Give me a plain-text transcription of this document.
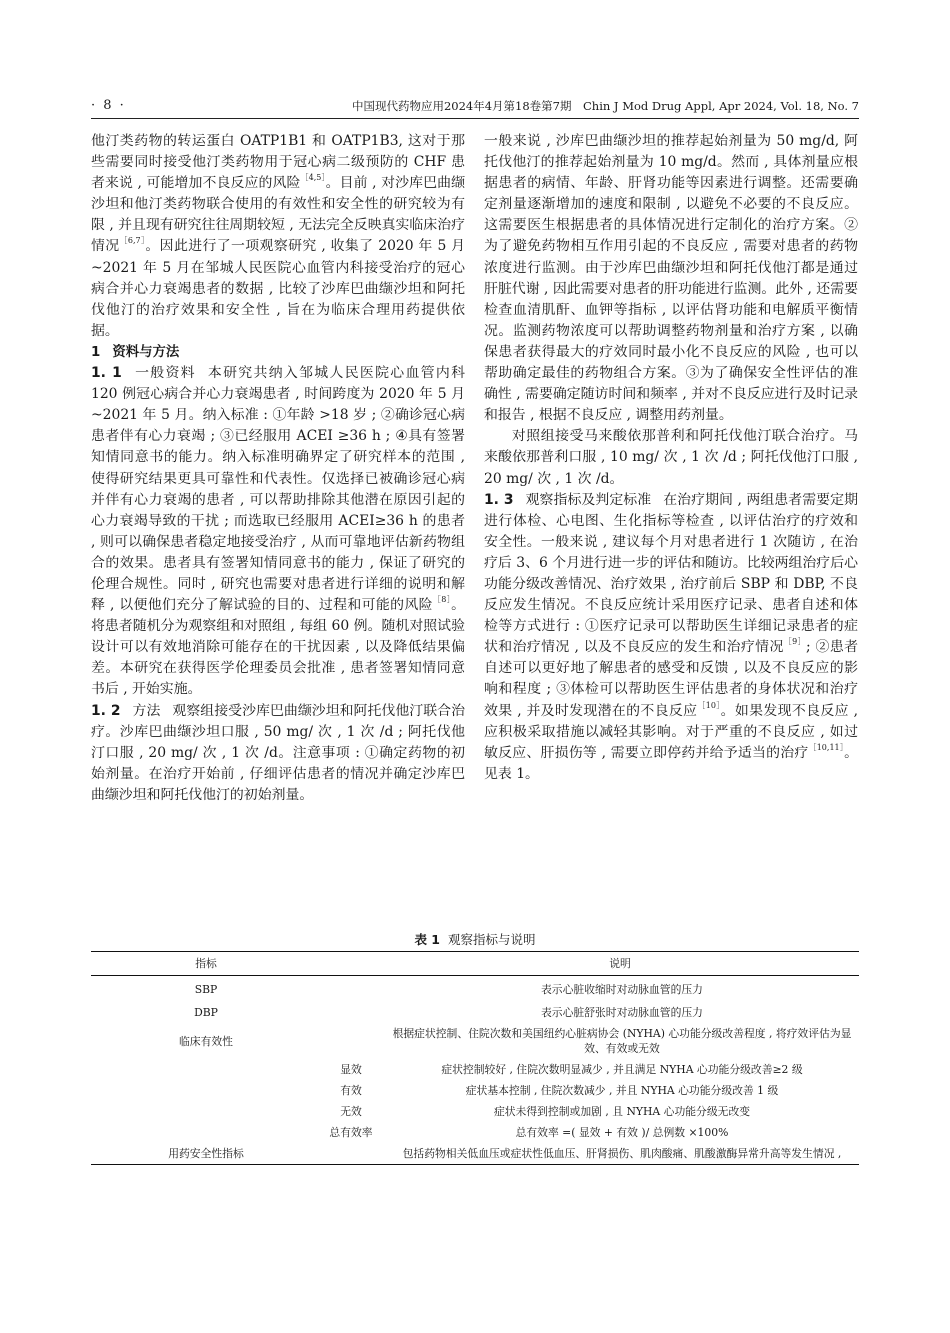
· 8 ·	中国现代药物应用2024年4月第18卷第7期　Chin J Mod Drug Appl, Apr 2024, Vol. 18, No. 7

他汀类药物的转运蛋白 OATP1B1 和 OATP1B3, 这对于那些需要同时接受他汀类药物用于冠心病二级预防的 CHF 患者来说 , 可能增加不良反应的风险$^{[4,5]}$。目前 , 对沙库巴曲缬沙坦和他汀类药物联合使用的有效性和安全性的研究较为有限 , 并且现有研究往往周期较短 , 无法完全反映真实临床治疗情况$^{[6,7]}$。因此进行了一项观察研究 , 收集了 2020 年 5 月 ~2021 年 5 月在邹城人民医院心血管内科接受治疗的冠心病合并心力衰竭患者的数据 , 比较了沙库巴曲缬沙坦和阿托伐他汀的治疗效果和安全性 , 旨在为临床合理用药提供依据。

1 资料与方法

1. 1 一般资料 本研究共纳入邹城人民医院心血管内科 120 例冠心病合并心力衰竭患者 , 时间跨度为 2020 年 5 月 ~2021 年 5 月。纳入标准 : ①年龄 >18 岁 ; ②确诊冠心病患者伴有心力衰竭 ; ③已经服用 ACEI ≥36 h ; ④具有签署知情同意书的能力。纳入标准明确界定了研究样本的范围 , 使得研究结果更具可靠性和代表性。仅选择已被确诊冠心病并伴有心力衰竭的患者 , 可以帮助排除其他潜在原因引起的心力衰竭导致的干扰 ; 而选取已经服用 ACEI≥36 h 的患者 , 则可以确保患者稳定地接受治疗 , 从而可靠地评估新药物组合的效果。患者具有签署知情同意书的能力 , 保证了研究的伦理合规性。同时 , 研究也需要对患者进行详细的说明和解释 , 以便他们充分了解试验的目的、过程和可能的风险$^{[8]}$。将患者随机分为观察组和对照组 , 每组 60 例。随机对照试验设计可以有效地消除可能存在的干扰因素 , 以及降低结果偏差。本研究在获得医学伦理委员会批准 , 患者签署知情同意书后 , 开始实施。

1. 2 方法 观察组接受沙库巴曲缬沙坦和阿托伐他汀联合治疗。沙库巴曲缬沙坦口服 , 50 mg/ 次 , 1 次 /d ; 阿托伐他汀口服 , 20 mg/ 次 , 1 次 /d。注意事项 : ①确定药物的初始剂量。在治疗开始前 , 仔细评估患者的情况并确定沙库巴曲缬沙坦和阿托伐他汀的初始剂量。

一般来说 , 沙库巴曲缬沙坦的推荐起始剂量为 50 mg/d, 阿托伐他汀的推荐起始剂量为 10 mg/d。然而 , 具体剂量应根据患者的病情、年龄、肝肾功能等因素进行调整。还需要确定剂量逐渐增加的速度和限制 , 以避免不必要的不良反应。这需要医生根据患者的具体情况进行定制化的治疗方案。②为了避免药物相互作用引起的不良反应 , 需要对患者的药物浓度进行监测。由于沙库巴曲缬沙坦和阿托伐他汀都是通过肝脏代谢 , 因此需要对患者的肝功能进行监测。此外 , 还需要检查血清肌酐、血钾等指标 , 以评估肾功能和电解质平衡情况。监测药物浓度可以帮助调整药物剂量和治疗方案 , 以确保患者获得最大的疗效同时最小化不良反应的风险 , 也可以帮助确定最佳的药物组合方案。③为了确保安全性评估的准确性 , 需要确定随访时间和频率 , 并对不良反应进行及时记录和报告 , 根据不良反应 , 调整用药剂量。

对照组接受马来酸依那普利和阿托伐他汀联合治疗。马来酸依那普利口服 , 10 mg/ 次 , 1 次 /d ; 阿托伐他汀口服 , 20 mg/ 次 , 1 次 /d。

1. 3 观察指标及判定标准 在治疗期间 , 两组患者需要定期进行体检、心电图、生化指标等检查 , 以评估治疗的疗效和安全性。一般来说 , 建议每个月对患者进行 1 次随访 , 在治疗后 3、6 个月进行进一步的评估和随访。比较两组治疗后心功能分级改善情况、治疗效果 , 治疗前后 SBP 和 DBP, 不良反应发生情况。不良反应统计采用医疗记录、患者自述和体检等方式进行 : ①医疗记录可以帮助医生详细记录患者的症状和治疗情况 , 以及不良反应的发生和治疗情况$^{[9]}$; ②患者自述可以更好地了解患者的感受和反馈 , 以及不良反应的影响和程度 ; ③体检可以帮助医生评估患者的身体状况和治疗效果 , 并及时发现潜在的不良反应$^{[10]}$。如果发现不良反应 , 应积极采取措施以减轻其影响。对于严重的不良反应 , 如过敏反应、肝损伤等 , 需要立即停药并给予适当的治疗$^{[10,11]}$。见表 1。

表 1 观察指标与说明
指标		说明
SBP		表示心脏收缩时对动脉血管的压力
DBP		表示心脏舒张时对动脉血管的压力
临床有效性		根据症状控制、住院次数和美国纽约心脏病协会 (NYHA) 心功能分级改善程度 , 将疗效评估为显效、有效或无效
	显效	症状控制较好 , 住院次数明显减少 , 并且满足 NYHA 心功能分级改善≥2 级
	有效	症状基本控制 , 住院次数减少 , 并且 NYHA 心功能分级改善 1 级
	无效	症状未得到控制或加剧 , 且 NYHA 心功能分级无改变
	总有效率	总有效率 =( 显效 + 有效 )/ 总例数 ×100%
用药安全性指标		包括药物相关低血压或症状性低血压、肝肾损伤、肌肉酸痛、肌酸激酶异常升高等发生情况 ,
